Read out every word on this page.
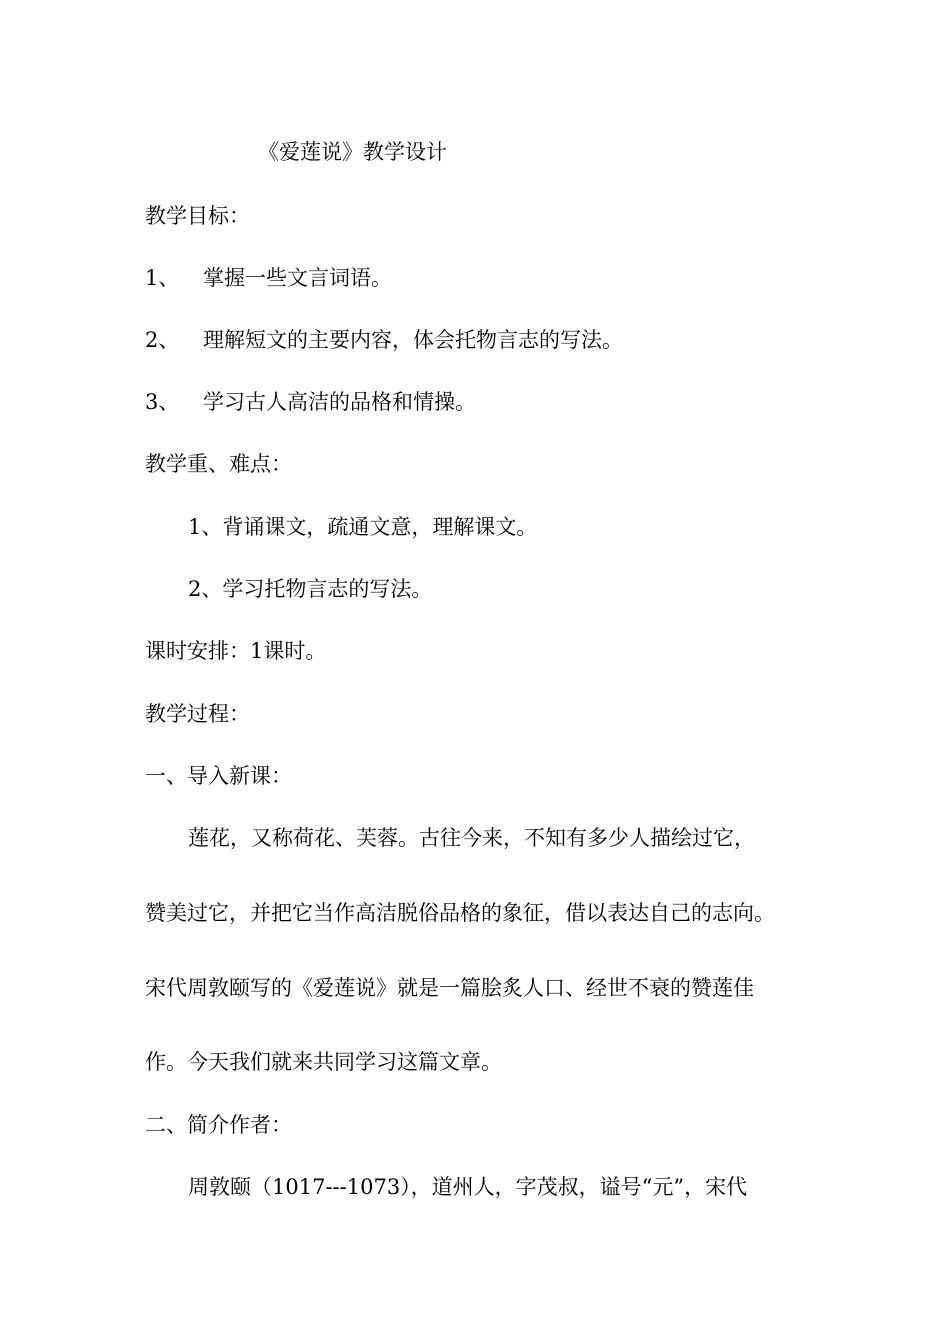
《爱莲说》教学设计
教学目标：
1、 掌握一些文言词语。
2、 理解短文的主要内容，体会托物言志的写法。
3、 学习古人高洁的品格和情操。
教学重、难点：
1、背诵课文，疏通文意，理解课文。
2、学习托物言志的写法。
课时安排：1课时。
教学过程：
一、导入新课：
莲花，又称荷花、芙蓉。古往今来，不知有多少人描绘过它，
赞美过它，并把它当作高洁脱俗品格的象征，借以表达自己的志向。
宋代周敦颐写的《爱莲说》就是一篇脍炙人口、经世不衰的赞莲佳
作。今天我们就来共同学习这篇文章。
二、简介作者：
周敦颐（1017---1073），道州人，字茂叔，谥号“元”，宋代
